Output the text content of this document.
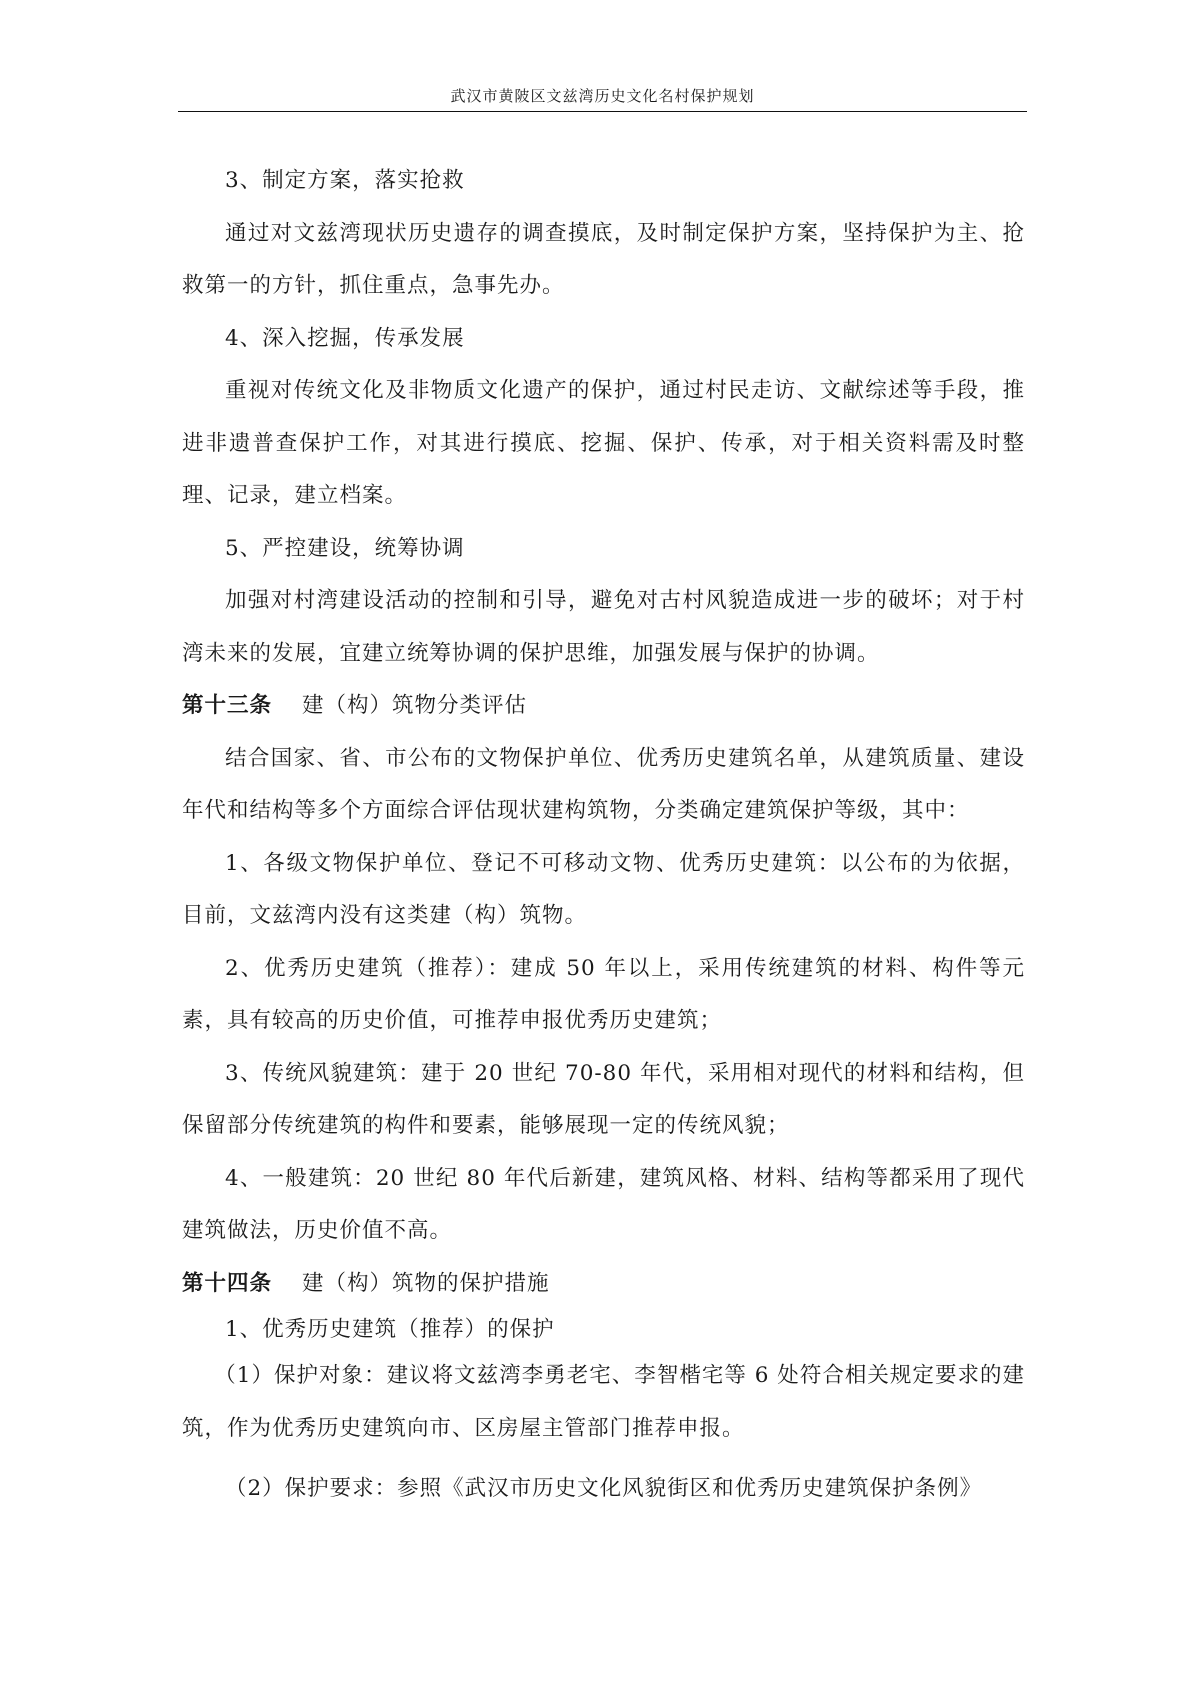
武汉市黄陂区文兹湾历史文化名村保护规划

3、制定方案，落实抢救

通过对文兹湾现状历史遗存的调查摸底，及时制定保护方案，坚持保护为主、抢救第一的方针，抓住重点，急事先办。

4、深入挖掘，传承发展

重视对传统文化及非物质文化遗产的保护，通过村民走访、文献综述等手段，推进非遗普查保护工作，对其进行摸底、挖掘、保护、传承，对于相关资料需及时整理、记录，建立档案。

5、严控建设，统筹协调

加强对村湾建设活动的控制和引导，避免对古村风貌造成进一步的破坏；对于村湾未来的发展，宜建立统筹协调的保护思维，加强发展与保护的协调。

第十三条 建（构）筑物分类评估

结合国家、省、市公布的文物保护单位、优秀历史建筑名单，从建筑质量、建设年代和结构等多个方面综合评估现状建构筑物，分类确定建筑保护等级，其中：

1、各级文物保护单位、登记不可移动文物、优秀历史建筑：以公布的为依据，目前，文兹湾内没有这类建（构）筑物。

2、优秀历史建筑（推荐）：建成 50 年以上，采用传统建筑的材料、构件等元素，具有较高的历史价值，可推荐申报优秀历史建筑；

3、传统风貌建筑：建于 20 世纪 70-80 年代，采用相对现代的材料和结构，但保留部分传统建筑的构件和要素，能够展现一定的传统风貌；

4、一般建筑：20 世纪 80 年代后新建，建筑风格、材料、结构等都采用了现代建筑做法，历史价值不高。

第十四条 建（构）筑物的保护措施

1、优秀历史建筑（推荐）的保护

（1）保护对象：建议将文兹湾李勇老宅、李智楷宅等 6 处符合相关规定要求的建筑，作为优秀历史建筑向市、区房屋主管部门推荐申报。

（2）保护要求：参照《武汉市历史文化风貌街区和优秀历史建筑保护条例》
